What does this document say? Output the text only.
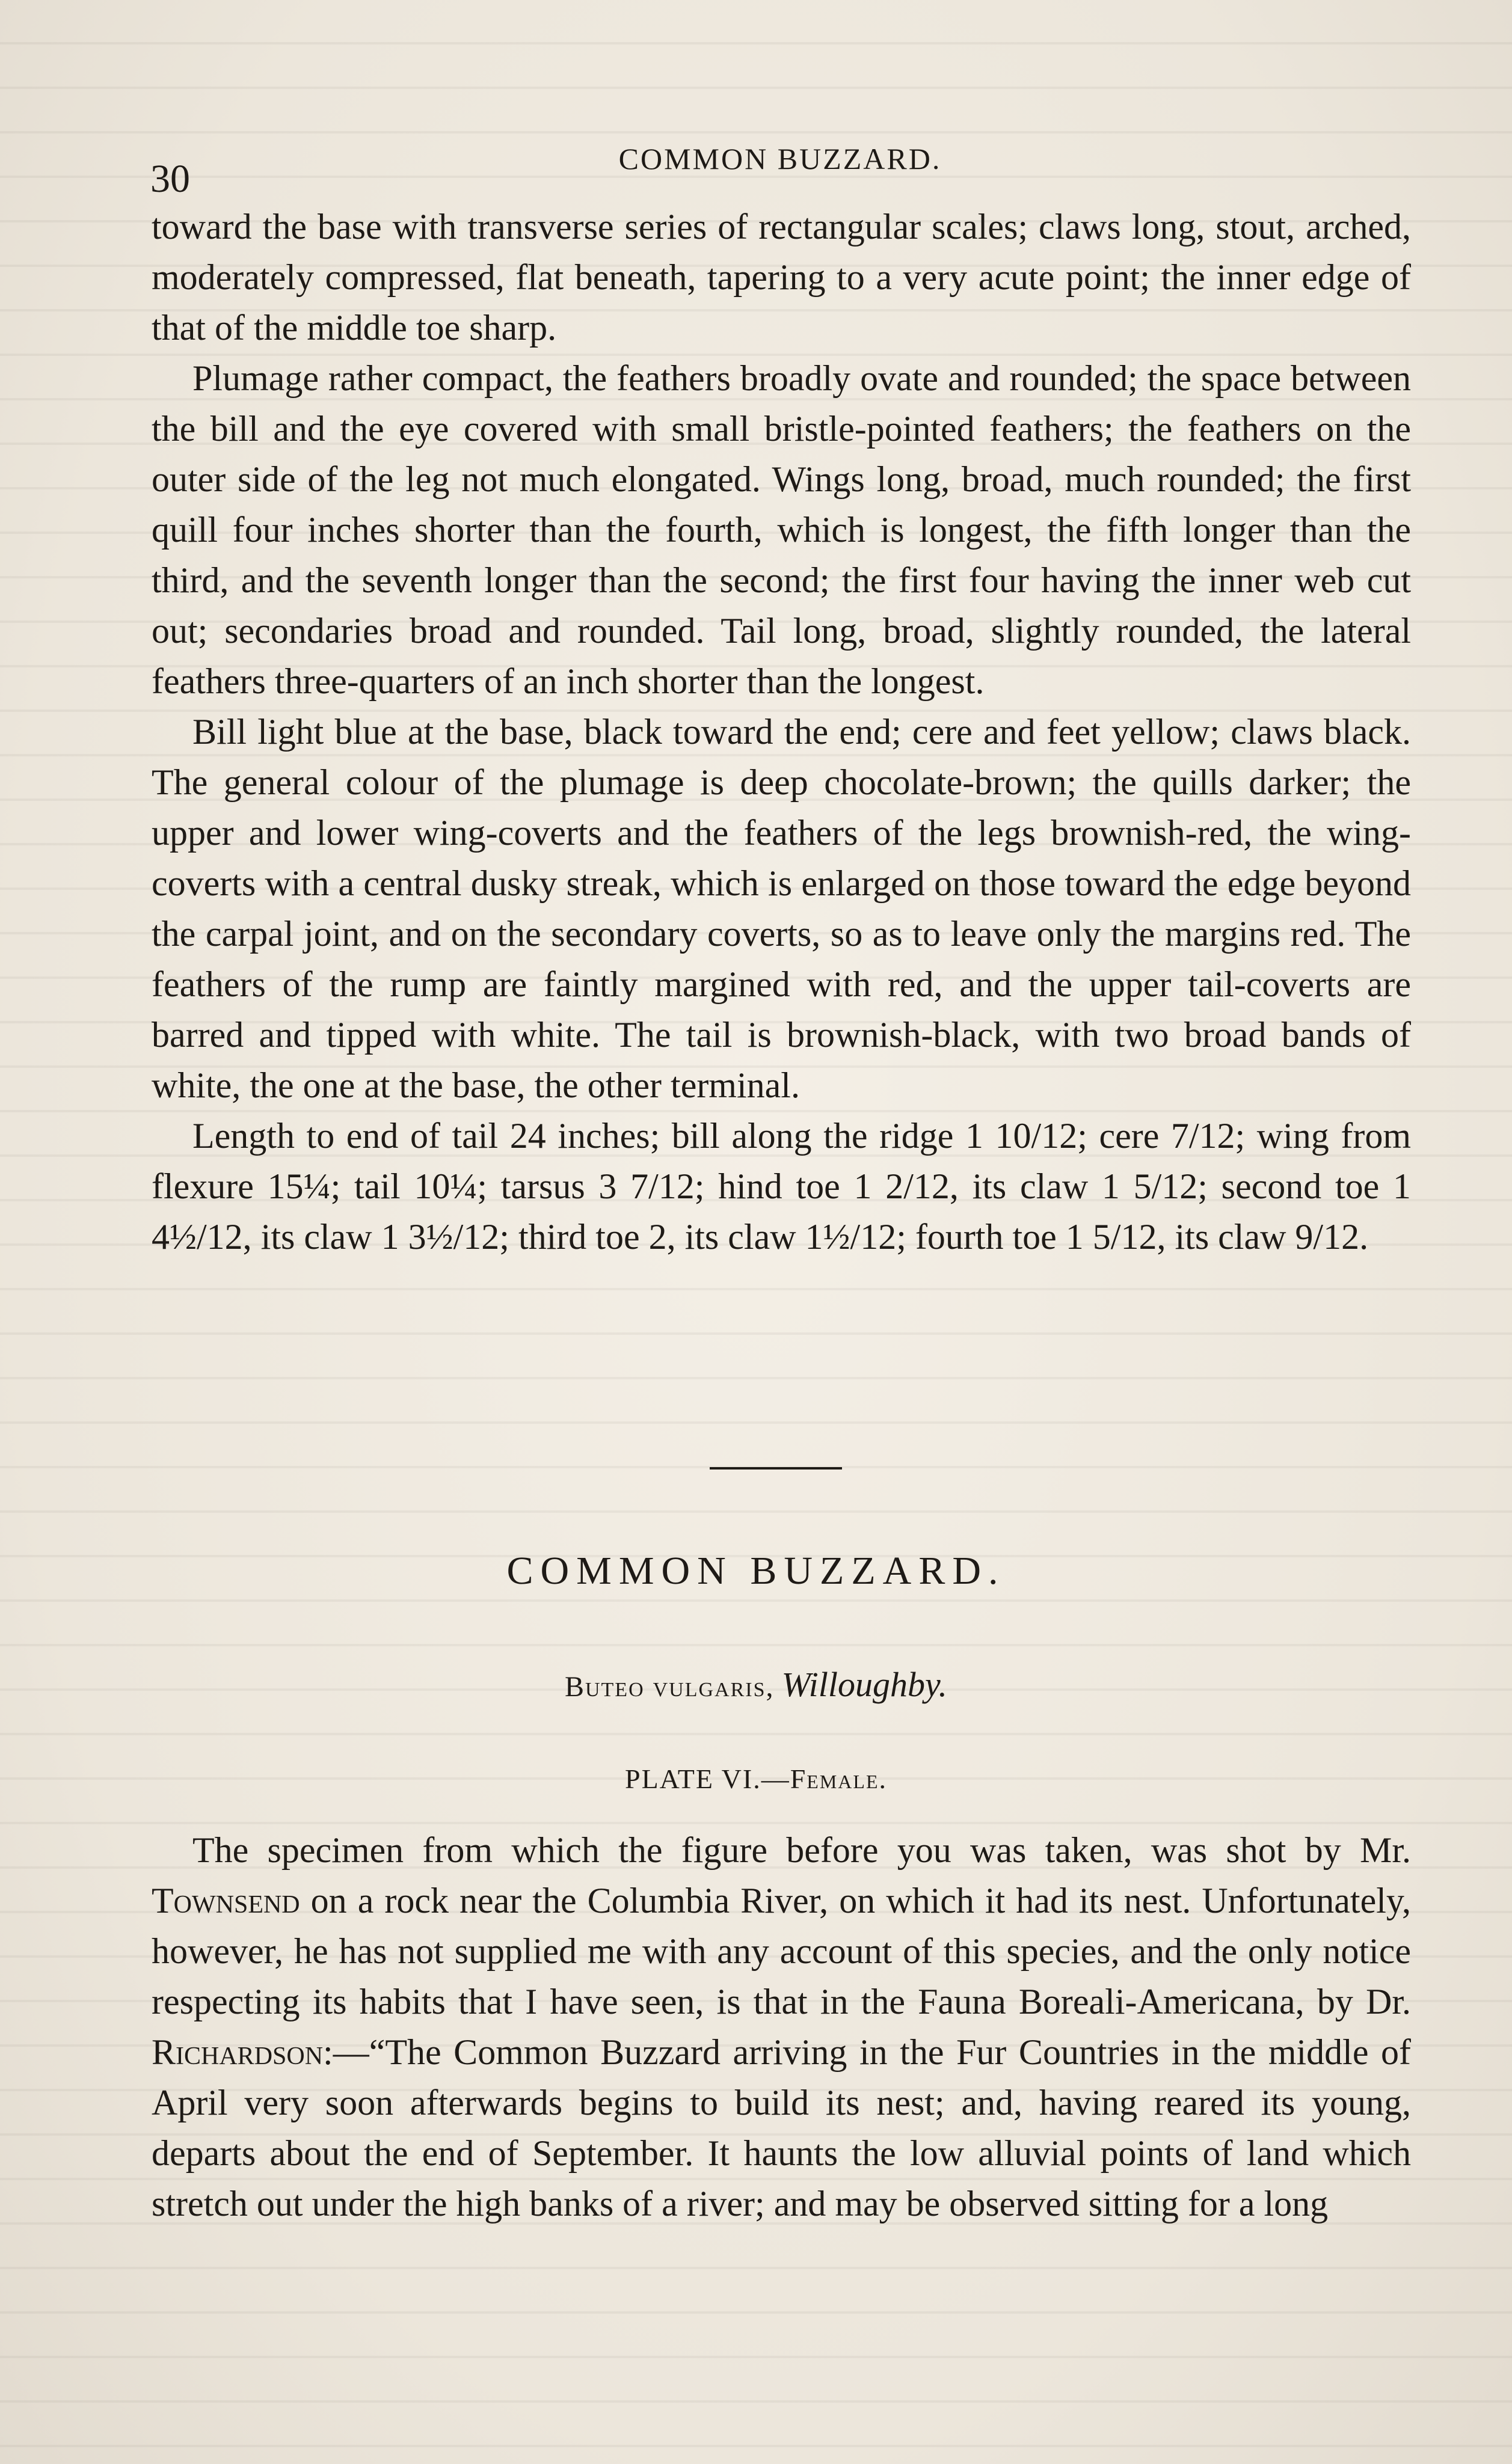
30	COMMON BUZZARD.

toward the base with transverse series of rectangular scales; claws long, stout, arched, moderately compressed, flat beneath, tapering to a very acute point; the inner edge of that of the middle toe sharp.

Plumage rather compact, the feathers broadly ovate and rounded; the space between the bill and the eye covered with small bristle-pointed feathers; the feathers on the outer side of the leg not much elongated. Wings long, broad, much rounded; the first quill four inches shorter than the fourth, which is longest, the fifth longer than the third, and the seventh longer than the second; the first four having the inner web cut out; secondaries broad and rounded. Tail long, broad, slightly rounded, the lateral feathers three-quarters of an inch shorter than the longest.

Bill light blue at the base, black toward the end; cere and feet yellow; claws black. The general colour of the plumage is deep chocolate-brown; the quills darker; the upper and lower wing-coverts and the feathers of the legs brownish-red, the wing-coverts with a central dusky streak, which is enlarged on those toward the edge beyond the carpal joint, and on the secondary coverts, so as to leave only the margins red. The feathers of the rump are faintly margined with red, and the upper tail-coverts are barred and tipped with white. The tail is brownish-black, with two broad bands of white, the one at the base, the other terminal.

Length to end of tail 24 inches; bill along the ridge 1 10/12; cere 7/12; wing from flexure 15¼; tail 10¼; tarsus 3 7/12; hind toe 1 2/12, its claw 1 5/12; second toe 1 4½/12, its claw 1 3½/12; third toe 2, its claw 1½/12; fourth toe 1 5/12, its claw 9/12.

COMMON BUZZARD.
Buteo vulgaris, Willoughby.
PLATE VI.—Female.

The specimen from which the figure before you was taken, was shot by Mr. Townsend on a rock near the Columbia River, on which it had its nest. Unfortunately, however, he has not supplied me with any account of this species, and the only notice respecting its habits that I have seen, is that in the Fauna Boreali-Americana, by Dr. Richardson:—“The Common Buzzard arriving in the Fur Countries in the middle of April very soon afterwards begins to build its nest; and, having reared its young, departs about the end of September. It haunts the low alluvial points of land which stretch out under the high banks of a river; and may be observed sitting for a long
